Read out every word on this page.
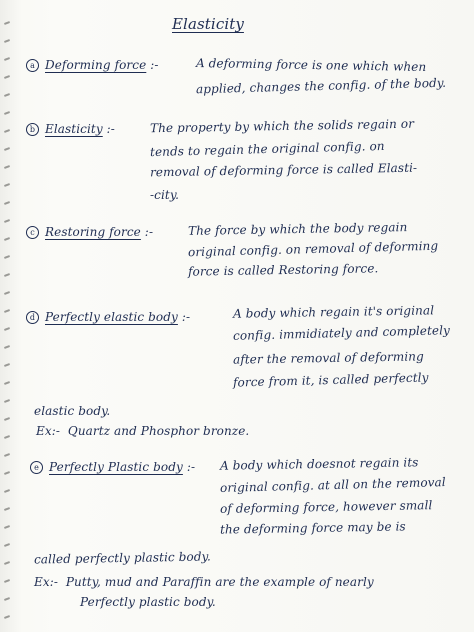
Elasticity
a Deforming force :-	A deforming force is one which when
applied, changes the config. of the body.
b Elasticity :-	The property by which the solids regain or
tends to regain the original config. on
removal of deforming force is called Elasti-
-city.
c Restoring force :-	The force by which the body regain
original config. on removal of deforming
force is called Restoring force.
d Perfectly elastic body :-	A body which regain it's original
config. immidiately and completely
after the removal of deforming
force from it, is called perfectly
elastic body.
Ex:- Quartz and Phosphor bronze.
e Perfectly Plastic body :- A body which doesnot regain its
original config. at all on the removal
of deforming force, however small
the deforming force may be is
called perfectly plastic body.
Ex:- Putty, mud and Paraffin are the example of nearly
Perfectly plastic body.
